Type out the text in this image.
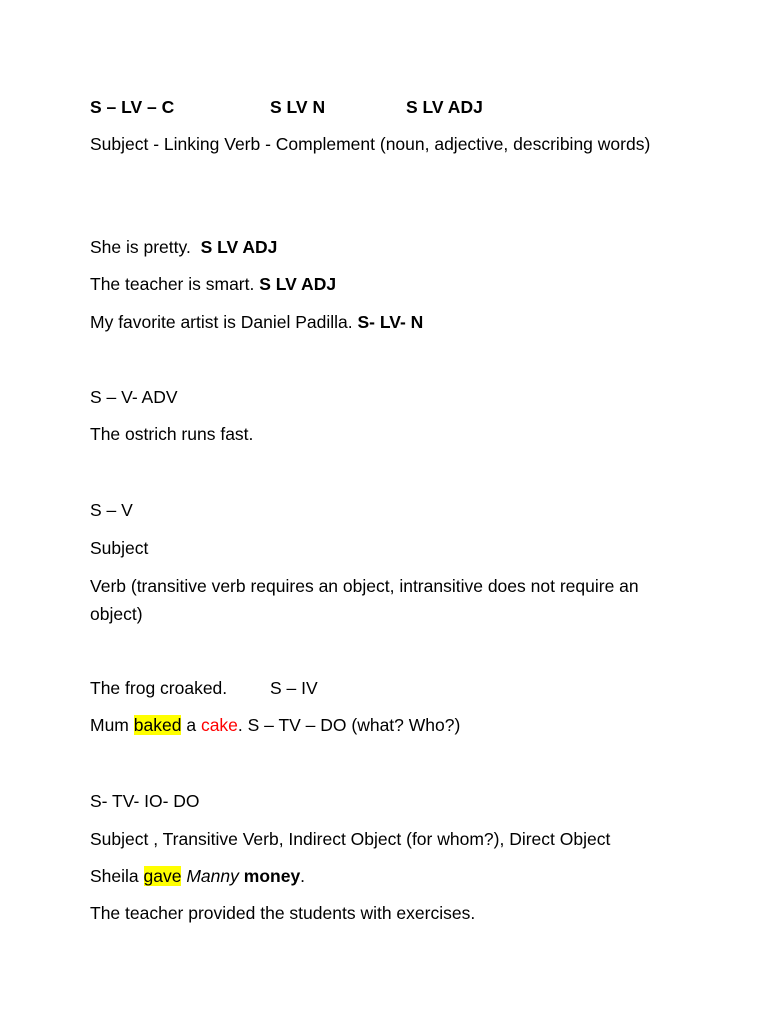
S – LV – C	S LV N	S LV ADJ
Subject - Linking Verb - Complement (noun, adjective, describing words)
She is pretty. S LV ADJ
The teacher is smart. S LV ADJ
My favorite artist is Daniel Padilla. S- LV- N
S – V- ADV
The ostrich runs fast.
S – V
Subject
Verb (transitive verb requires an object, intransitive does not require an object)
The frog croaked. S – IV
Mum baked a cake. S – TV – DO (what? Who?)
S- TV- IO- DO
Subject , Transitive Verb, Indirect Object (for whom?), Direct Object
Sheila gave Manny money.
The teacher provided the students with exercises.
